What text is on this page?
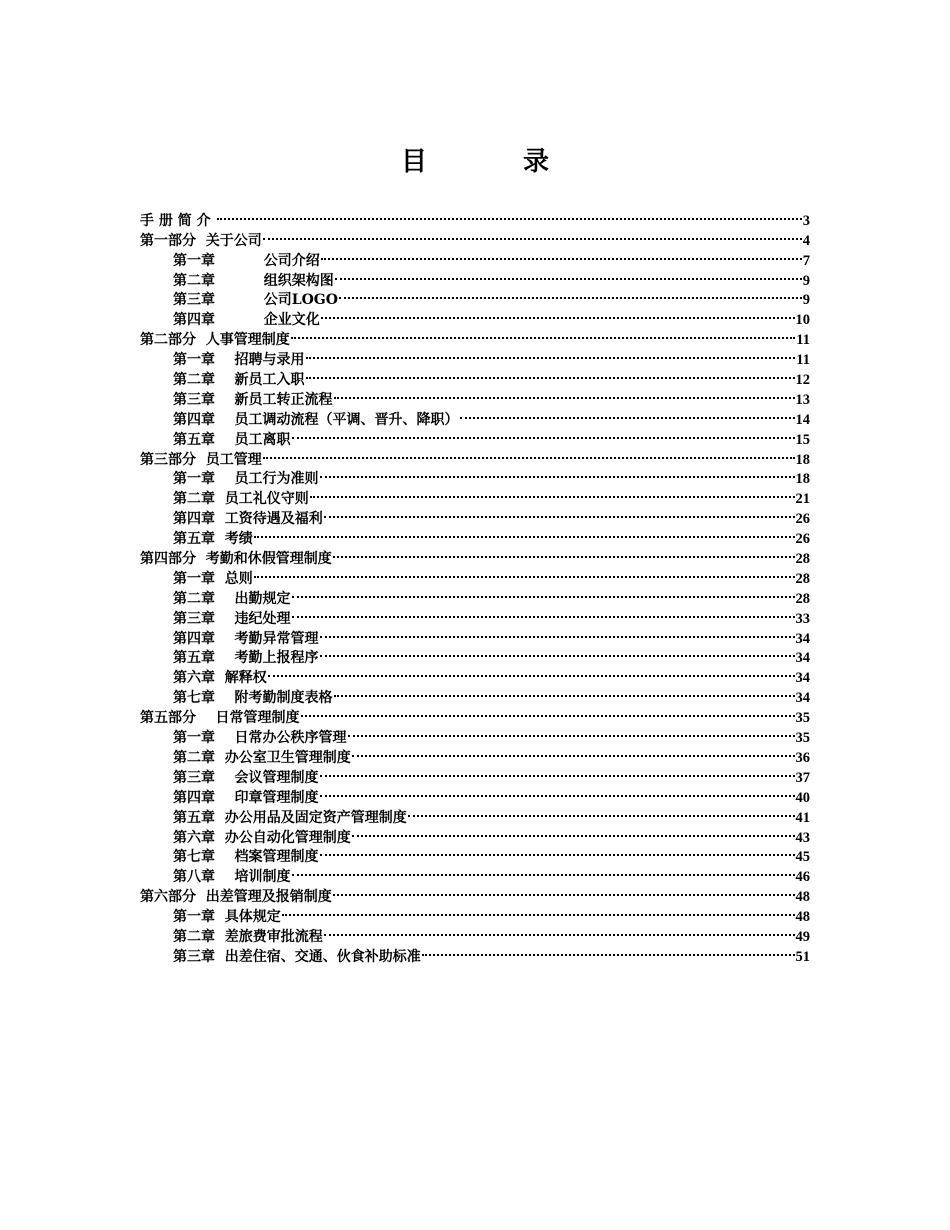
目  录
手 册 简 介	3
第一部分  关于公司	4
第一章          公司介绍	7
第二章          组织架构图	9
第三章          公司LOGO	9
第四章          企业文化	10
第二部分  人事管理制度	11
第一章    招聘与录用	11
第二章    新员工入职	12
第三章    新员工转正流程	13
第四章    员工调动流程（平调、晋升、降职）	14
第五章    员工离职	15
第三部分  员工管理	18
第一章    员工行为准则	18
第二章  员工礼仪守则	21
第四章  工资待遇及福利	26
第五章  考绩	26
第四部分  考勤和休假管理制度	28
第一章  总则	28
第二章    出勤规定	28
第三章    违纪处理	33
第四章    考勤异常管理	34
第五章    考勤上报程序	34
第六章  解释权	34
第七章    附考勤制度表格	34
第五部分    日常管理制度	35
第一章    日常办公秩序管理	35
第二章  办公室卫生管理制度	36
第三章    会议管理制度	37
第四章    印章管理制度	40
第五章  办公用品及固定资产管理制度	41
第六章  办公自动化管理制度	43
第七章    档案管理制度	45
第八章    培训制度	46
第六部分  出差管理及报销制度	48
第一章  具体规定	48
第二章  差旅费审批流程	49
第三章  出差住宿、交通、伙食补助标准	51
